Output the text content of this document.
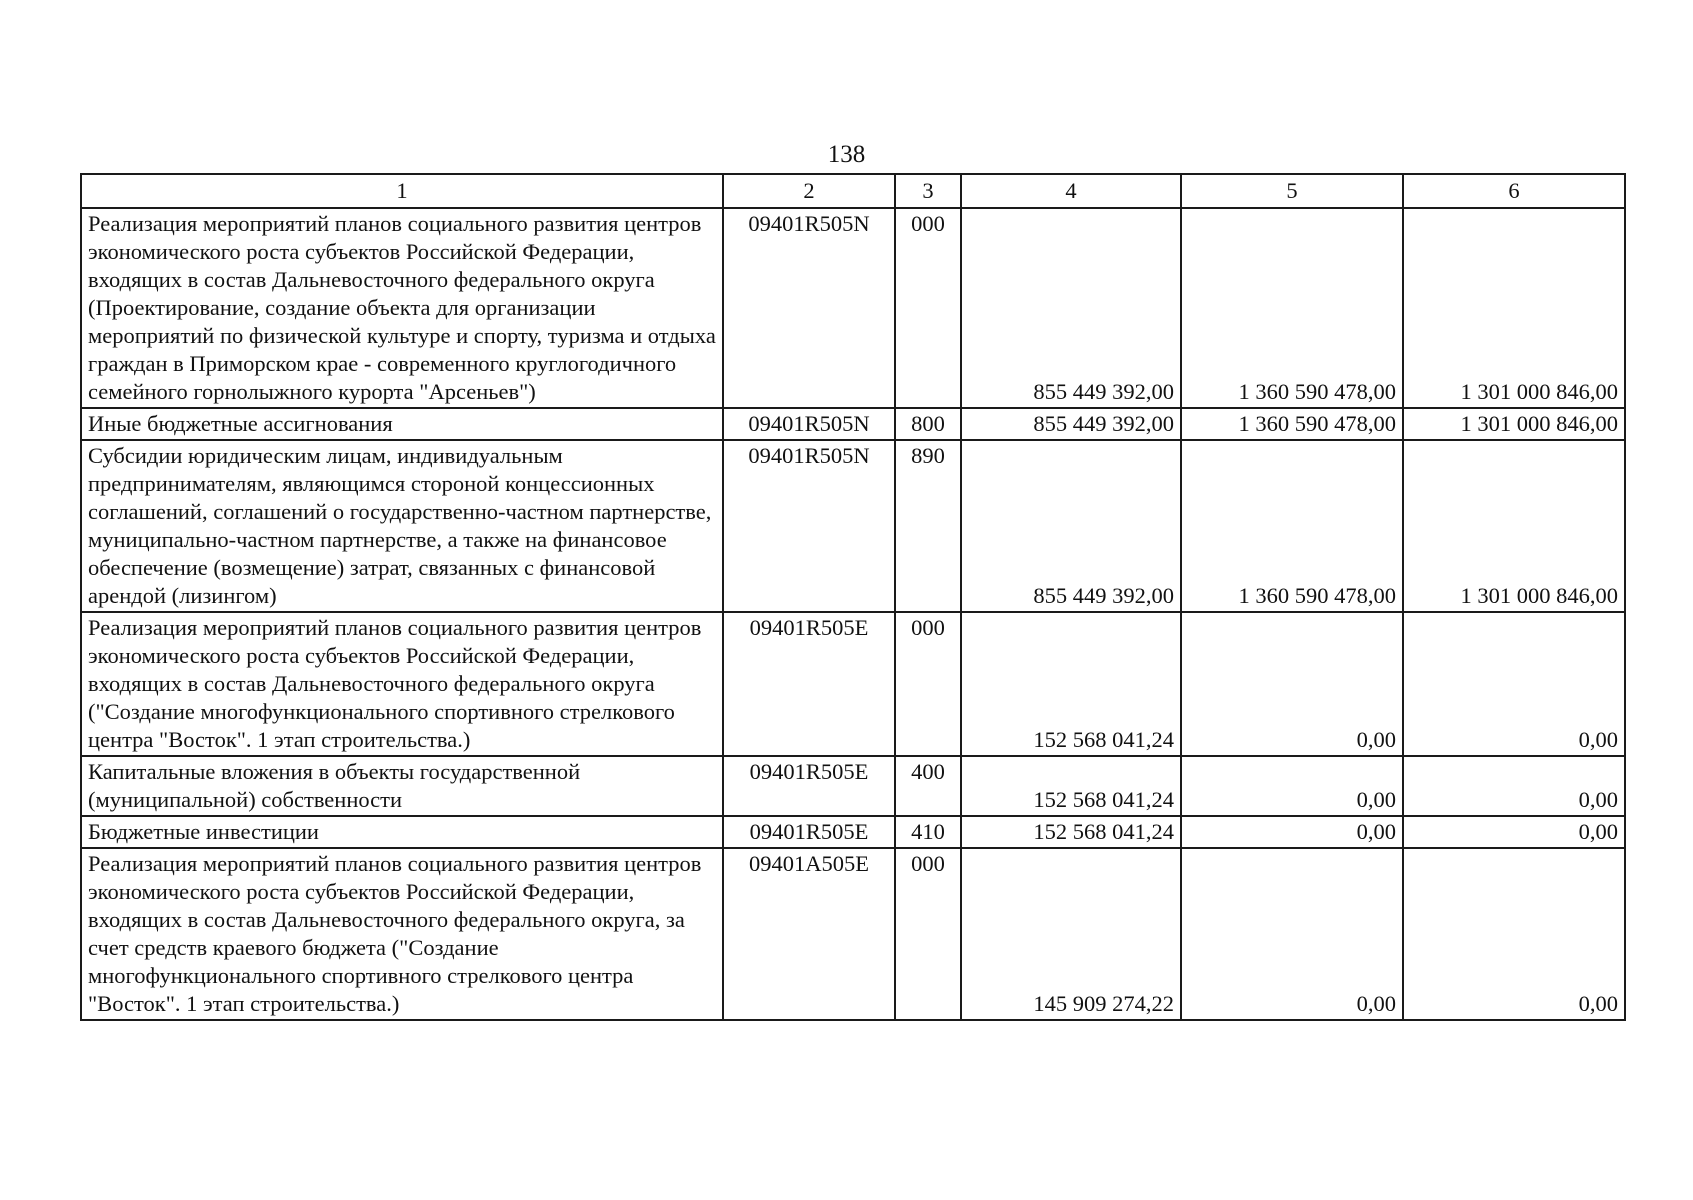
138
1	2	3	4	5	6
Реализация мероприятий планов социального развития центров экономического роста субъектов Российской Федерации, входящих в состав Дальневосточного федерального округа (Проектирование, создание объекта для организации мероприятий по физической культуре и спорту, туризма и отдыха граждан в Приморском крае - современного круглогодичного семейного горнолыжного курорта "Арсеньев")	09401R505N	000	855 449 392,00	1 360 590 478,00	1 301 000 846,00
Иные бюджетные ассигнования	09401R505N	800	855 449 392,00	1 360 590 478,00	1 301 000 846,00
Субсидии юридическим лицам, индивидуальным предпринимателям, являющимся стороной концессионных соглашений, соглашений о государственно-частном партнерстве, муниципально-частном партнерстве, а также на финансовое обеспечение (возмещение) затрат, связанных с финансовой арендой (лизингом)	09401R505N	890	855 449 392,00	1 360 590 478,00	1 301 000 846,00
Реализация мероприятий планов социального развития центров экономического роста субъектов Российской Федерации, входящих в состав Дальневосточного федерального округа ("Создание многофункционального спортивного стрелкового центра "Восток". 1 этап строительства.)	09401R505E	000	152 568 041,24	0,00	0,00
Капитальные вложения в объекты государственной (муниципальной) собственности	09401R505E	400	152 568 041,24	0,00	0,00
Бюджетные инвестиции	09401R505E	410	152 568 041,24	0,00	0,00
Реализация мероприятий планов социального развития центров экономического роста субъектов Российской Федерации, входящих в состав Дальневосточного федерального округа, за счет средств краевого бюджета ("Создание многофункционального спортивного стрелкового центра "Восток". 1 этап строительства.)	09401A505E	000	145 909 274,22	0,00	0,00
